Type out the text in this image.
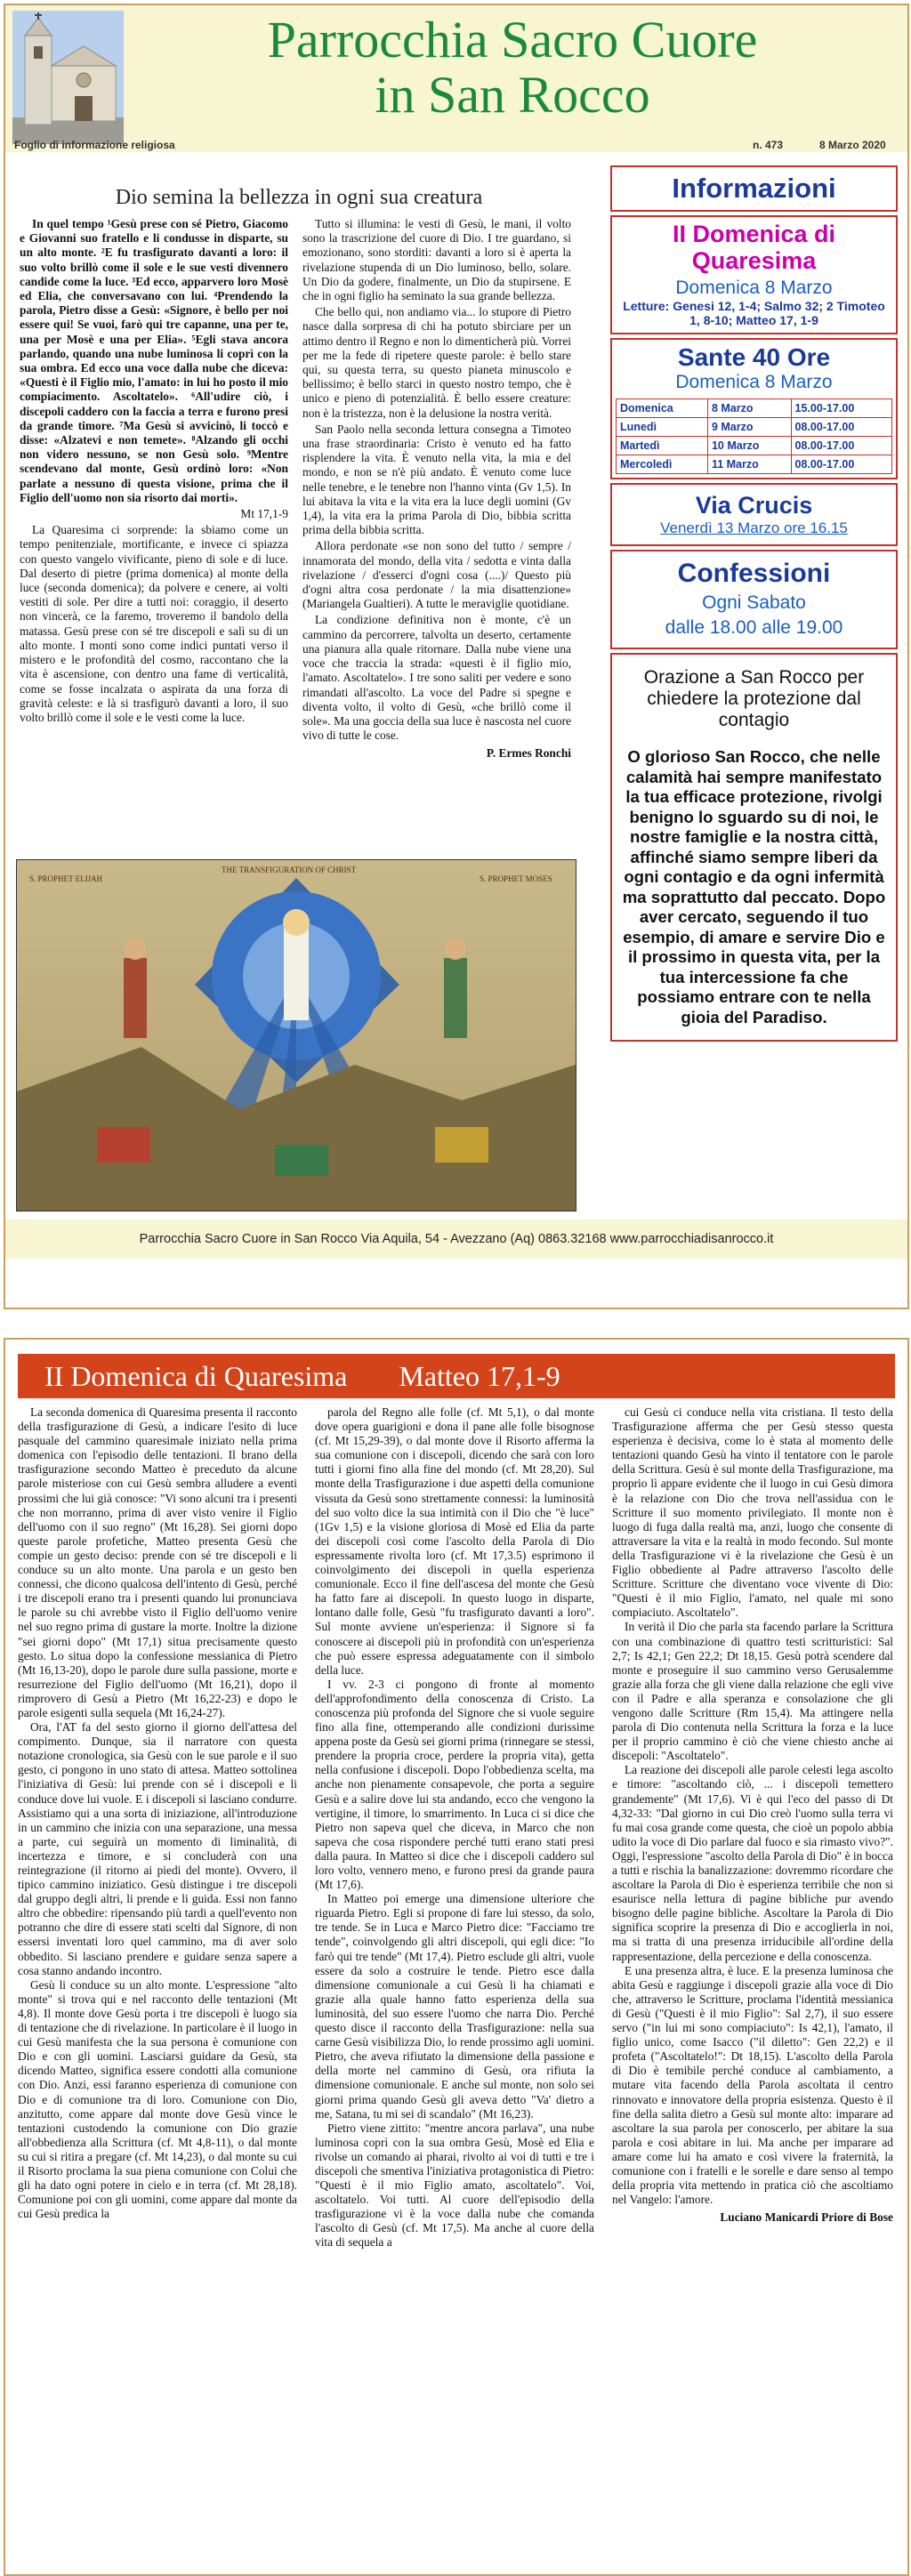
Parrocchia Sacro Cuore
in San Rocco
Foglio di informazione religiosa	n. 473	8 Marzo 2020
Dio semina la bellezza in ogni sua creatura

In quel tempo ¹Gesù prese con sé Pietro, Giacomo e Giovanni suo fratello e li condusse in disparte, su un alto monte. ²E fu trasfigurato davanti a loro: il suo volto brillò come il sole e le sue vesti divennero candide come la luce. ³Ed ecco, apparvero loro Mosè ed Elia, che conversavano con lui. ⁴Prendendo la parola, Pietro disse a Gesù: «Signore, è bello per noi essere qui! Se vuoi, farò qui tre capanne, una per te, una per Mosè e una per Elia». ⁵Egli stava ancora parlando, quando una nube luminosa li coprì con la sua ombra. Ed ecco una voce dalla nube che diceva: «Questi è il Figlio mio, l'amato: in lui ho posto il mio compiacimento. Ascoltatelo». ⁶All'udire ciò, i discepoli caddero con la faccia a terra e furono presi da grande timore. ⁷Ma Gesù si avvicinò, li toccò e disse: «Alzatevi e non temete». ⁸Alzando gli occhi non videro nessuno, se non Gesù solo. ⁹Mentre scendevano dal monte, Gesù ordinò loro: «Non parlate a nessuno di questa visione, prima che il Figlio dell'uomo non sia risorto dai morti».

Mt 17,1-9

La Quaresima ci sorprende: la sbiamo come un tempo penitenziale, mortificante, e invece ci spiazza con questo vangelo vivificante, pieno di sole e di luce. Dal deserto di pietre (prima domenica) al monte della luce (seconda domenica); da polvere e cenere, ai volti vestiti di sole. Per dire a tutti noi: coraggio, il deserto non vincerà, ce la faremo, troveremo il bandolo della matassa. Gesù prese con sé tre discepoli e salì su di un alto monte. I monti sono come indici puntati verso il mistero e le profondità del cosmo, raccontano che la vita è ascensione, con dentro una fame di verticalità, come se fosse incalzata o aspirata da una forza di gravità celeste: e là si trasfigurò davanti a loro, il suo volto brillò come il sole e le vesti come la luce.

Tutto si illumina: le vesti di Gesù, le mani, il volto sono la trascrizione del cuore di Dio. I tre guardano, si emozionano, sono storditi: davanti a loro si è aperta la rivelazione stupenda di un Dio luminoso, bello, solare. Un Dio da godere, finalmente, un Dio da stupirsene. E che in ogni figlio ha seminato la sua grande bellezza.

Che bello qui, non andiamo via... lo stupore di Pietro nasce dalla sorpresa di chi ha potuto sbirciare per un attimo dentro il Regno e non lo dimenticherà più. Vorrei per me la fede di ripetere queste parole: è bello stare qui, su questa terra, su questo pianeta minuscolo e bellissimo; è bello starci in questo nostro tempo, che è unico e pieno di potenzialità. È bello essere creature: non è la tristezza, non è la delusione la nostra verità.

San Paolo nella seconda lettura consegna a Timoteo una frase straordinaria: Cristo è venuto ed ha fatto risplendere la vita. È venuto nella vita, la mia e del mondo, e non se n'è più andato. È venuto come luce nelle tenebre, e le tenebre non l'hanno vinta (Gv 1,5). In lui abitava la vita e la vita era la luce degli uomini (Gv 1,4), la vita era la prima Parola di Dio, bibbia scritta prima della bibbia scritta.

Allora perdonate «se non sono del tutto / sempre / innamorata del mondo, della vita / sedotta e vinta dalla rivelazione / d'esserci d'ogni cosa (....)/ Questo più d'ogni altra cosa perdonate / la mia disattenzione» (Mariangela Gualtieri). A tutte le meraviglie quotidiane.

La condizione definitiva non è monte, c'è un cammino da percorrere, talvolta un deserto, certamente una pianura alla quale ritornare. Dalla nube viene una voce che traccia la strada: «questi è il figlio mio, l'amato. Ascoltatelo». I tre sono saliti per vedere e sono rimandati all'ascolto. La voce del Padre si spegne e diventa volto, il volto di Gesù, «che brillò come il sole». Ma una goccia della sua luce è nascosta nel cuore vivo di tutte le cose.

P. Ermes Ronchi

S. PROPHET ELIJAH
THE TRANSFIGURATION OF CHRIST
S. PROPHET MOSES
Parrocchia Sacro Cuore in San Rocco Via Aquila, 54 - Avezzano (Aq) 0863.32168 www.parrocchiadisanrocco.it
Informazioni
II Domenica di Quaresima
Domenica 8 Marzo
Letture: Genesi 12, 1-4; Salmo 32; 2 Timoteo 1, 8-10; Matteo 17, 1-9
Sante 40 Ore
Domenica 8 Marzo
Domenica	8 Marzo	15.00-17.00
Lunedì	9 Marzo	08.00-17.00
Martedì	10 Marzo	08.00-17.00
Mercoledì	11 Marzo	08.00-17.00
Via Crucis
Venerdì 13 Marzo ore 16.15
Confessioni
Ogni Sabato
dalle 18.00 alle 19.00
Orazione a San Rocco per chiedere la protezione dal contagio
O glorioso San Rocco, che nelle calamità hai sempre manifestato la tua efficace protezione, rivolgi benigno lo sguardo su di noi, le nostre famiglie e la nostra città, affinché siamo sempre liberi da ogni contagio e da ogni infermità ma soprattutto dal peccato. Dopo aver cercato, seguendo il tuo esempio, di amare e servire Dio e il prossimo in questa vita, per la tua intercessione fa che possiamo entrare con te nella gioia del Paradiso.
II Domenica di Quaresima Matteo 17,1-9

La seconda domenica di Quaresima presenta il racconto della trasfigurazione di Gesù, a indicare l'esito di luce pasquale del cammino quaresimale iniziato nella prima domenica con l'episodio delle tentazioni. Il brano della trasfigurazione secondo Matteo è preceduto da alcune parole misteriose con cui Gesù sembra alludere a eventi prossimi che lui già conosce: "Vi sono alcuni tra i presenti che non morranno, prima di aver visto venire il Figlio dell'uomo con il suo regno" (Mt 16,28). Sei giorni dopo queste parole profetiche, Matteo presenta Gesù che compie un gesto deciso: prende con sé tre discepoli e li conduce su un alto monte. Una parola e un gesto ben connessi, che dicono qualcosa dell'intento di Gesù, perché i tre discepoli erano tra i presenti quando lui pronunciava le parole su chi avrebbe visto il Figlio dell'uomo venire nel suo regno prima di gustare la morte. Inoltre la dizione "sei giorni dopo" (Mt 17,1) situa precisamente questo gesto. Lo situa dopo la confessione messianica di Pietro (Mt 16,13-20), dopo le parole dure sulla passione, morte e resurrezione del Figlio dell'uomo (Mt 16,21), dopo il rimprovero di Gesù a Pietro (Mt 16,22-23) e dopo le parole esigenti sulla sequela (Mt 16,24-27).

Ora, l'AT fa del sesto giorno il giorno dell'attesa del compimento. Dunque, sia il narratore con questa notazione cronologica, sia Gesù con le sue parole e il suo gesto, ci pongono in uno stato di attesa. Matteo sottolinea l'iniziativa di Gesù: lui prende con sé i discepoli e li conduce dove lui vuole. E i discepoli si lasciano condurre. Assistiamo qui a una sorta di iniziazione, all'introduzione in un cammino che inizia con una separazione, una messa a parte, cui seguirà un momento di liminalità, di incertezza e timore, e si concluderà con una reintegrazione (il ritorno ai piedi del monte). Ovvero, il tipico cammino iniziatico. Gesù distingue i tre discepoli dal gruppo degli altri, li prende e li guida. Essi non fanno altro che obbedire: ripensando più tardi a quell'evento non potranno che dire di essere stati scelti dal Signore, di non essersi inventati loro quel cammino, ma di aver solo obbedito. Si lasciano prendere e guidare senza sapere a cosa stanno andando incontro.

Gesù li conduce su un alto monte. L'espressione "alto monte" si trova qui e nel racconto delle tentazioni (Mt 4,8). Il monte dove Gesù porta i tre discepoli è luogo sia di tentazione che di rivelazione. In particolare è il luogo in cui Gesù manifesta che la sua persona è comunione con Dio e con gli uomini. Lasciarsi guidare da Gesù, sta dicendo Matteo, significa essere condotti alla comunione con Dio. Anzi, essi faranno esperienza di comunione con Dio e di comunione tra di loro. Comunione con Dio, anzitutto, come appare dal monte dove Gesù vince le tentazioni custodendo la comunione con Dio grazie all'obbedienza alla Scrittura (cf. Mt 4,8-11), o dal monte su cui si ritira a pregare (cf. Mt 14,23), o dal monte su cui il Risorto proclama la sua piena comunione con Colui che gli ha dato ogni potere in cielo e in terra (cf. Mt 28,18). Comunione poi con gli uomini, come appare dal monte da cui Gesù predica la

parola del Regno alle folle (cf. Mt 5,1), o dal monte dove opera guarigioni e dona il pane alle folle bisognose (cf. Mt 15,29-39), o dal monte dove il Risorto afferma la sua comunione con i discepoli, dicendo che sarà con loro tutti i giorni fino alla fine del mondo (cf. Mt 28,20). Sul monte della Trasfigurazione i due aspetti della comunione vissuta da Gesù sono strettamente connessi: la luminosità del suo volto dice la sua intimità con il Dio che "è luce" (1Gv 1,5) e la visione gloriosa di Mosè ed Elia da parte dei discepoli così come l'ascolto della Parola di Dio espressamente rivolta loro (cf. Mt 17,3.5) esprimono il coinvolgimento dei discepoli in quella esperienza comunionale. Ecco il fine dell'ascesa del monte che Gesù ha fatto fare ai discepoli. In questo luogo in disparte, lontano dalle folle, Gesù "fu trasfigurato davanti a loro". Sul monte avviene un'esperienza: il Signore si fa conoscere ai discepoli più in profondità con un'esperienza che può essere espressa adeguatamente con il simbolo della luce.

I vv. 2-3 ci pongono di fronte al momento dell'approfondimento della conoscenza di Cristo. La conoscenza più profonda del Signore che si vuole seguire fino alla fine, ottemperando alle condizioni durissime appena poste da Gesù sei giorni prima (rinnegare se stessi, prendere la propria croce, perdere la propria vita), getta nella confusione i discepoli. Dopo l'obbedienza scelta, ma anche non pienamente consapevole, che porta a seguire Gesù e a salire dove lui sta andando, ecco che vengono la vertigine, il timore, lo smarrimento. In Luca ci si dice che Pietro non sapeva quel che diceva, in Marco che non sapeva che cosa rispondere perché tutti erano stati presi dalla paura. In Matteo si dice che i discepoli caddero sul loro volto, vennero meno, e furono presi da grande paura (Mt 17,6).

In Matteo poi emerge una dimensione ulteriore che riguarda Pietro. Egli si propone di fare lui stesso, da solo, tre tende. Se in Luca e Marco Pietro dice: "Facciamo tre tende", coinvolgendo gli altri discepoli, qui egli dice: "Io farò qui tre tende" (Mt 17,4). Pietro esclude gli altri, vuole essere da solo a costruire le tende. Pietro esce dalla dimensione comunionale a cui Gesù li ha chiamati e grazie alla quale hanno fatto esperienza della sua luminosità, del suo essere l'uomo che narra Dio. Perché questo disce il racconto della Trasfigurazione: nella sua carne Gesù visibilizza Dio, lo rende prossimo agli uomini. Pietro, che aveva rifiutato la dimensione della passione e della morte nel cammino di Gesù, ora rifiuta la dimensione comunionale. E anche sul monte, non solo sei giorni prima quando Gesù gli aveva detto "Va' dietro a me, Satana, tu mi sei di scandalo" (Mt 16,23).

Pietro viene zittito: "mentre ancora parlava", una nube luminosa coprì con la sua ombra Gesù, Mosè ed Elia e rivolse un comando ai pharai, rivolto ai voi di tutti e tre i discepoli che smentiva l'iniziativa protagonistica di Pietro: "Questi è il mio Figlio amato, ascoltatelo". Voi, ascoltatelo. Voi tutti. Al cuore dell'episodio della trasfigurazione vi è la voce dalla nube che comanda l'ascolto di Gesù (cf. Mt 17,5). Ma anche al cuore della vita di sequela a

cui Gesù ci conduce nella vita cristiana. Il testo della Trasfigurazione afferma che per Gesù stesso questa esperienza è decisiva, come lo è stata al momento delle tentazioni quando Gesù ha vinto il tentatore con le parole della Scrittura. Gesù è sul monte della Trasfigurazione, ma proprio lì appare evidente che il luogo in cui Gesù dimora è la relazione con Dio che trova nell'assidua con le Scritture il suo momento privilegiato. Il monte non è luogo di fuga dalla realtà ma, anzi, luogo che consente di attraversare la vita e la realtà in modo fecondo. Sul monte della Trasfigurazione vi è la rivelazione che Gesù è un Figlio obbediente al Padre attraverso l'ascolto delle Scritture. Scritture che diventano voce vivente di Dio: "Questi è il mio Figlio, l'amato, nel quale mi sono compiaciuto. Ascoltatelo".

In verità il Dio che parla sta facendo parlare la Scrittura con una combinazione di quattro testi scritturistici: Sal 2,7; Is 42,1; Gen 22,2; Dt 18,15. Gesù potrà scendere dal monte e proseguire il suo cammino verso Gerusalemme grazie alla forza che gli viene dalla relazione che egli vive con il Padre e alla speranza e consolazione che gli vengono dalle Scritture (Rm 15,4). Ma attingere nella parola di Dio contenuta nella Scrittura la forza e la luce per il proprio cammino è ciò che viene chiesto anche ai discepoli: "Ascoltatelo".

La reazione dei discepoli alle parole celesti lega ascolto e timore: "ascoltando ciò, ... i discepoli temettero grandemente" (Mt 17,6). Vi è qui l'eco del passo di Dt 4,32-33: "Dal giorno in cui Dio creò l'uomo sulla terra vi fu mai cosa grande come questa, che cioè un popolo abbia udito la voce di Dio parlare dal fuoco e sia rimasto vivo?". Oggi, l'espressione "ascolto della Parola di Dio" è in bocca a tutti e rischia la banalizzazione: dovremmo ricordare che ascoltare la Parola di Dio è esperienza terribile che non si esaurisce nella lettura di pagine bibliche pur avendo bisogno delle pagine bibliche. Ascoltare la Parola di Dio significa scoprire la presenza di Dio e accoglierla in noi, ma si tratta di una presenza irriducibile all'ordine della rappresentazione, della percezione e della conoscenza.

E una presenza altra, è luce. E la presenza luminosa che abita Gesù e raggiunge i discepoli grazie alla voce di Dio che, attraverso le Scritture, proclama l'identità messianica di Gesù ("Questi è il mio Figlio": Sal 2,7), il suo essere servo ("in lui mi sono compiaciuto": Is 42,1), l'amato, il figlio unico, come Isacco ("il diletto": Gen 22,2) e il profeta ("Ascoltatelo!": Dt 18,15). L'ascolto della Parola di Dio è temibile perché conduce al cambiamento, a mutare vita facendo della Parola ascoltata il centro rinnovato e innovatore della propria esistenza. Questo è il fine della salita dietro a Gesù sul monte alto: imparare ad ascoltare la sua parola per conoscerlo, per abitare la sua parola e così abitare in lui. Ma anche per imparare ad amare come lui ha amato e così vivere la fraternità, la comunione con i fratelli e le sorelle e dare senso al tempo della propria vita mettendo in pratica ciò che ascoltiamo nel Vangelo: l'amore.

Luciano Manicardi Priore di Bose
